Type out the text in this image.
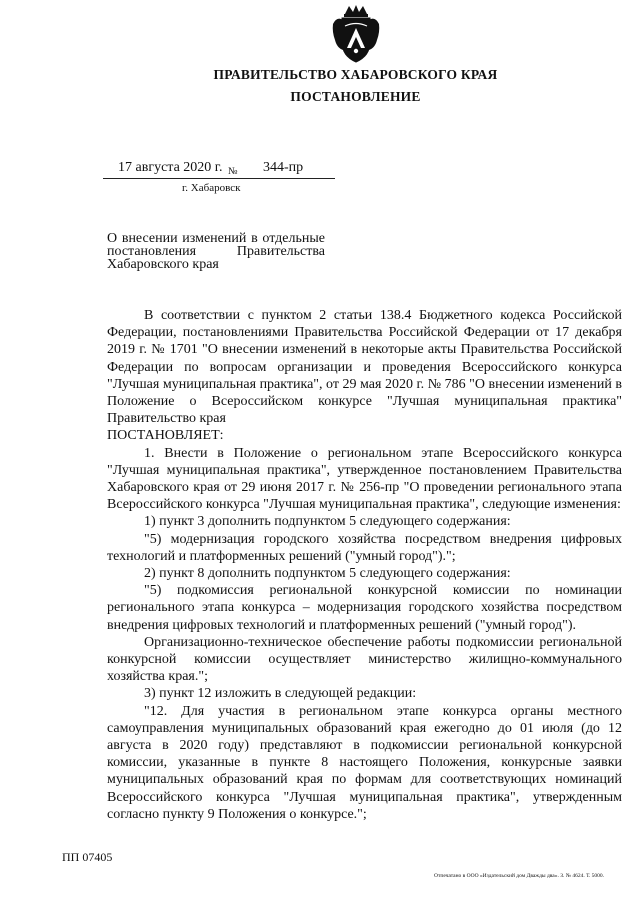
ПРАВИТЕЛЬСТВО ХАБАРОВСКОГО КРАЯ
ПОСТАНОВЛЕНИЕ
17 августа 2020 г. $_№$ 344-пр
г. Хабаровск
О внесении изменений в отдельные постановления Правительства Хабаровского края

В соответствии с пунктом 2 статьи 138.4 Бюджетного кодекса Российской Федерации, постановлениями Правительства Российской Федерации от 17 декабря 2019 г. № 1701 "О внесении изменений в некоторые акты Правительства Российской Федерации по вопросам организации и проведения Всероссийского конкурса "Лучшая муниципальная практика", от 29 мая 2020 г. № 786 "О внесении изменений в Положение о Всероссийском конкурсе "Лучшая муниципальная практика" Правительство края

ПОСТАНОВЛЯЕТ:

1. Внести в Положение о региональном этапе Всероссийского конкурса "Лучшая муниципальная практика", утвержденное постановлением Правительства Хабаровского края от 29 июня 2017 г. № 256-пр "О проведении регионального этапа Всероссийского конкурса "Лучшая муниципальная практика", следующие изменения:

1) пункт 3 дополнить подпунктом 5 следующего содержания:

"5) модернизация городского хозяйства посредством внедрения цифровых технологий и платформенных решений ("умный город").";

2) пункт 8 дополнить подпунктом 5 следующего содержания:

"5) подкомиссия региональной конкурсной комиссии по номинации регионального этапа конкурса – модернизация городского хозяйства посредством внедрения цифровых технологий и платформенных решений ("умный город").

Организационно-техническое обеспечение работы подкомиссии региональной конкурсной комиссии осуществляет министерство жилищно-коммунального хозяйства края.";

3) пункт 12 изложить в следующей редакции:

"12. Для участия в региональном этапе конкурса органы местного самоуправления муниципальных образований края ежегодно до 01 июля (до 12 августа в 2020 году) представляют в подкомиссии региональной конкурсной комиссии, указанные в пункте 8 настоящего Положения, конкурсные заявки муниципальных образований края по формам для соответствующих номинаций Всероссийского конкурса "Лучшая муниципальная практика", утвержденным согласно пункту 9 Положения о конкурсе.";

ПП 07405
Отпечатано в ООО «Издательский дом Дважды два». З. № 4624. Т. 5000.
